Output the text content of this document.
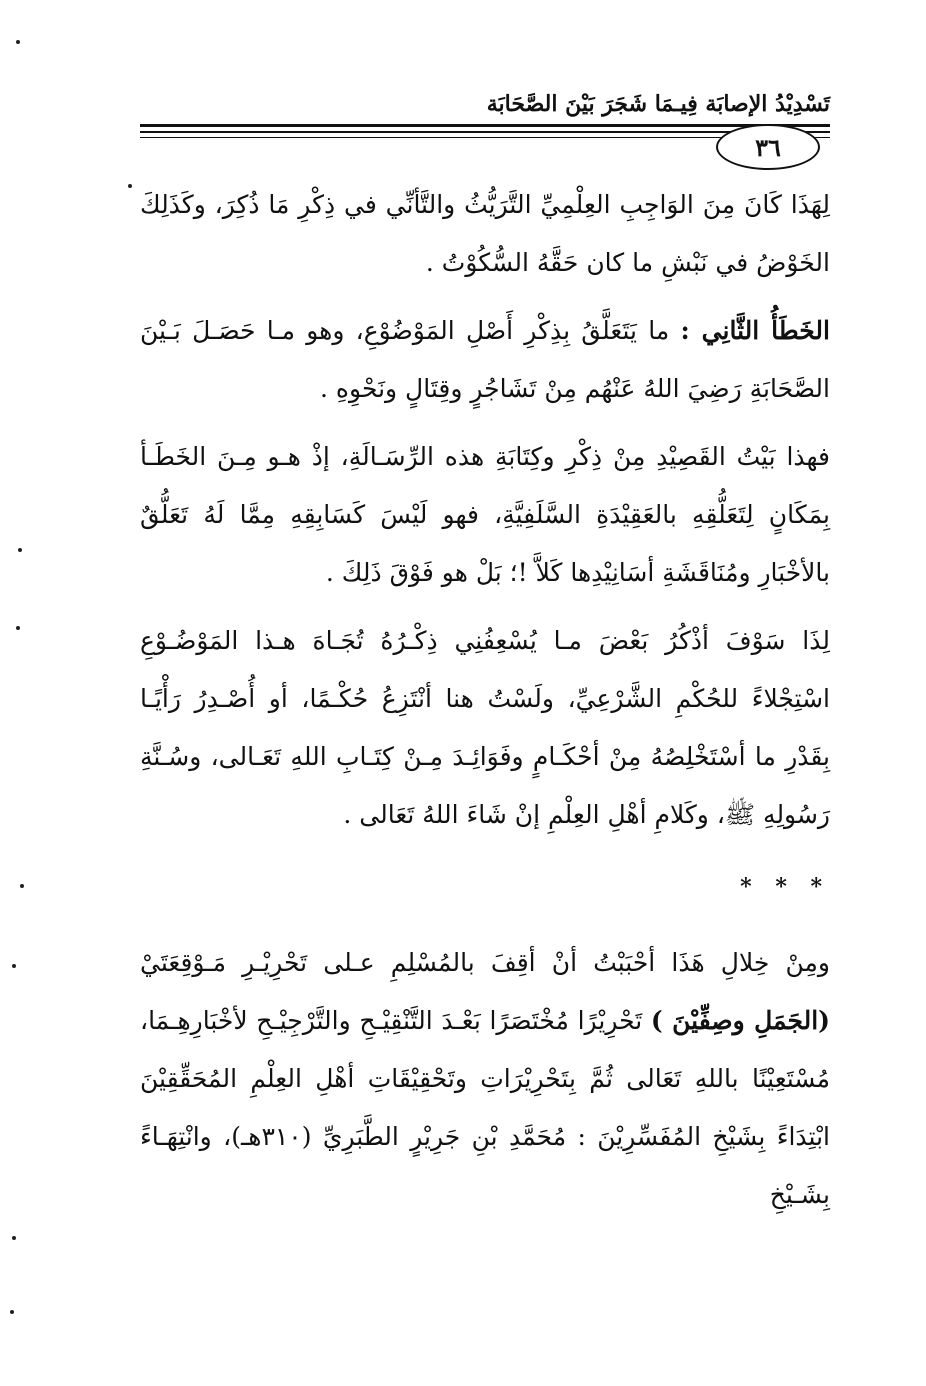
تَسْدِيْدُ الإصابَة فِيـمَا شَجَرَ بَيْنَ الصَّحَابَة
٣٦

لِهَذَا كَانَ مِنَ الوَاجِبِ العِلْمِيِّ التَّرَيُّثُ والتَّأنِّي في ذِكْرِ مَا ذُكِرَ، وكَذَلِكَ الخَوْضُ في نَبْشِ ما كان حَقَّهُ السُّكُوْتُ .

الخَطَأُ الثَّانِي : ما يَتَعَلَّقُ بِذِكْرِ أَصْلِ المَوْضُوْعِ، وهو مـا حَصَـلَ بَـيْنَ الصَّحَابَةِ رَضِيَ اللهُ عَنْهُم مِنْ تَشَاجُرٍ وقِتَالٍ ونَحْوِهِ .

فهذا بَيْتُ القَصِيْدِ مِنْ ذِكْرِ وكِتَابَةِ هذه الرِّسَـالَةِ، إذْ هـو مِـنَ الخَطَـأ بِمَكَانٍ لِتَعَلُّقِهِ بالعَقِيْدَةِ السَّلَفِيَّةِ، فهو لَيْسَ كَسَابِقِهِ مِمَّا لَهُ تَعَلُّقٌ بالأخْبَارِ ومُنَاقَشَةِ أسَانِيْدِها كَلاَّ !؛ بَلْ هو فَوْقَ ذَلِكَ .

لِذَا سَوْفَ أذْكُرُ بَعْضَ مـا يُسْعِفُنِي ذِكْـرُهُ تُجَـاهَ هـذا المَوْضُـوْعِ اسْتِجْلاءً للحُكْمِ الشَّرْعِيِّ، ولَسْتُ هنا أنْتَزِعُ حُكْـمًا، أو أُصْـدِرُ رَأْيًـا بِقَدْرِ ما أسْتَخْلِصُهُ مِنْ أحْكَـامٍ وفَوَائِـدَ مِـنْ كِتَـابِ اللهِ تَعَـالى، وسُـنَّةِ رَسُولِهِ ﷺ، وكَلامِ أهْلِ العِلْمِ إنْ شَاءَ اللهُ تَعَالى .

* * *

ومِنْ خِلالِ هَذَا أحْبَبْتُ أنْ أقِفَ بالمُسْلِمِ عـلى تَحْرِيْـرِ مَـوْقِعَتَيْ (الجَمَلِ وصِفِّيْنَ ) تَحْرِيْرًا مُخْتَصَرًا بَعْـدَ التَّنْقِيْـحِ والتَّرْجِيْـحِ لأخْبَارِهِـمَا، مُسْتَعِيْنًا باللهِ تَعَالى ثُمَّ بِتَحْرِيْرَاتِ وتَحْقِيْقَاتِ أهْلِ العِلْمِ المُحَقِّقِيْنَ ابْتِدَاءً بِشَيْخِ المُفَسِّرِيْنَ : مُحَمَّدِ بْنِ جَرِيْرٍ الطَّبَرِيِّ (٣١٠هـ)، وانْتِهَـاءً بِشَـيْخِ
